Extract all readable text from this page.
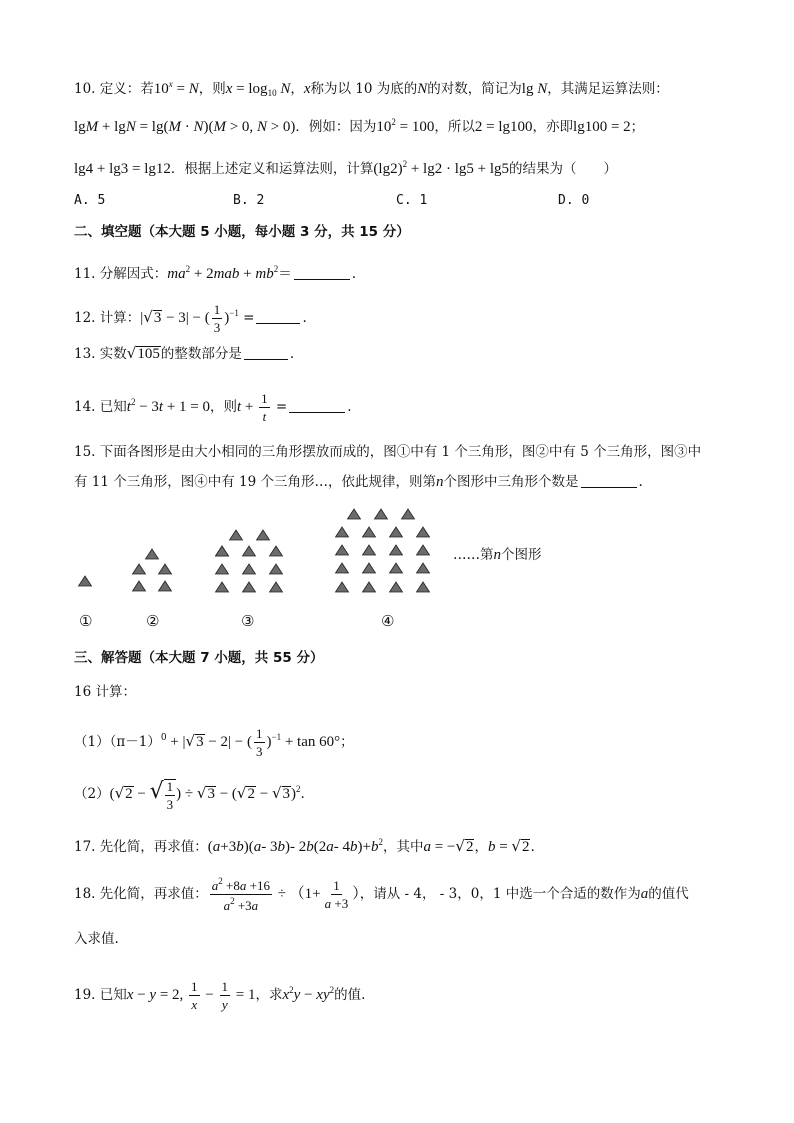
10. 定义：若$10^x = N$，则$x = \log_{10} N$，x称为以 10 为底的N的对数，简记为lg N，其满足运算法则：
lgM + lgN = lg(M · N)(M > 0, N > 0)．例如：因为$10^2 = 100$，所以2 = lg100，亦即lg100 = 2；
lg4 + lg3 = lg12．根据上述定义和运算法则，计算$(\lg 2)^2 + \lg 2 \cdot \lg 5 + \lg 5$的结果为（　　）
A. 5	B. 2	C. 1	D. 0
二、填空题（本大题 5 小题，每小题 3 分，共 15 分）
11. 分解因式：$ma^2 + 2mab + mb^2=$	.
12. 计算：|√3 − 3| − ( $\frac{1}{3} )^{-1}$ =	.
13. 实数√105的整数部分是	.
14. 已知$t^2 - 3t + 1 = 0$，则$t + \frac{1}{t}$ =	.
15. 下面各图形是由大小相同的三角形摆放而成的，图①中有 1 个三角形，图②中有 5 个三角形，图③中
有 11 个三角形，图④中有 19 个三角形…，依此规律，则第n个图形中三角形个数是	.
……第n个图形
①	②	③	④
三、解答题（本大题 7 小题，共 55 分）
16 计算：
$(1)(\pi-1)^0 + |√3 - 2|$ − ( $\frac{1}{3} )^{-1} + \tan 60^\circ$；
（2）(√2 − √ $\frac{1}{3}$ ) ÷ $√3 - (√2 - √3)^2$.
17. 先化简，再求值：(a+3b)(a- 3b)- 2b(2a- $4b)+b^2$，其中a = −√2，b = √2.
18. 先化简，再求值： $\frac{a^2 +8a +16}{a^2 +3a} \div (1+ \frac{1}{a +3}$ ），请从 - 4， - 3，0，1 中选一个合适的数作为a的值代
入求值.
19. 已知x − y = 2, $\frac{1}{x} - \frac{1}{y} = 1$，求$x^2y - xy^2$的值.
